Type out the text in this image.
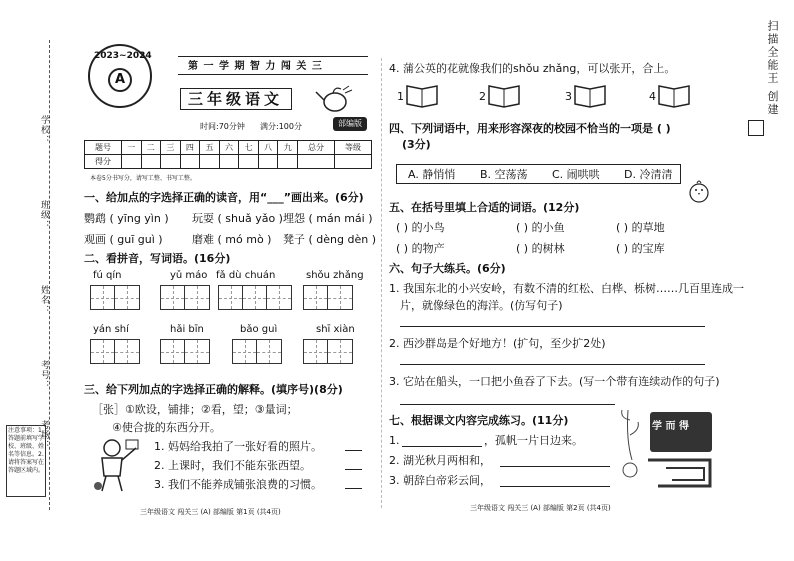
学校：
班级：
姓名：
考号：
考场：
注意事项：1.答题前填写学校、班级、姓名等信息。2.请将答案写在答题区域内。
2023~2024
A
第 一 学 期 智 力 闯 关 三
三年级语文
时间:70分钟 满分:100分	部编版
题号	一	二	三	四	五	六	七	八	九	总分	等级
得分											
本卷5分书写分，请写工整、书写工整。
一、给加点的字选择正确的读音，用“___”画出来。(6分)
鹦鹉 ( yīng yìn ) 玩耍 ( shuǎ yǎo ) 埋怨 ( mán mái )
观画 ( guī guì )	磨难 ( mó mò ) 凳子 ( dèng dèn )
二、看拼音，写词语。(16分)
fú qín	yǔ máo fǎ dù chuán	shǒu zhǎng
yán shí	hǎi bīn	bǎo guì	shī xiàn
三、给下列加点的字选择正确的解释。(填序号)(8分)
［张］①欧设，铺排；②看，望；③量词；
④使合拢的东西分开。
1. 妈妈给我拍了一张好看的照片。
2. 上课时，我们不能东张西望。
3. 我们不能养成铺张浪费的习惯。
三年级语文 闯关三 (A) 部编版 第1页 (共4页)
4. 蒲公英的花就像我们的shǒu zhǎng，可以张开，合上。
1	2	3	4
四、下列词语中，用来形容深夜的校园不恰当的一项是 ( )
(3分)
A. 静悄悄 B. 空荡荡 C. 闹哄哄 D. 冷清清
五、在括号里填上合适的词语。(12分)
( ) 的小鸟	( ) 的小鱼	( ) 的草地
( ) 的物产	( ) 的树林	( ) 的宝库
六、句子大练兵。(6分)
1. 我国东北的小兴安岭，有数不清的红松、白桦、栎树……几百里连成一
片，就像绿色的海洋。(仿写句子)
2. 西沙群岛是个好地方！(扩句，至少扩2处)
3. 它站在船头，一口把小鱼吞了下去。(写一个带有连续动作的句子)
七、根据课文内容完成练习。(11分)
1.	，孤帆一片日边来。
2. 湖光秋月两相和，
3. 朝辞白帝彩云间，
学 而 得
三年级语文 闯关三 (A) 部编版 第2页 (共4页)
扫描全能王 创建
